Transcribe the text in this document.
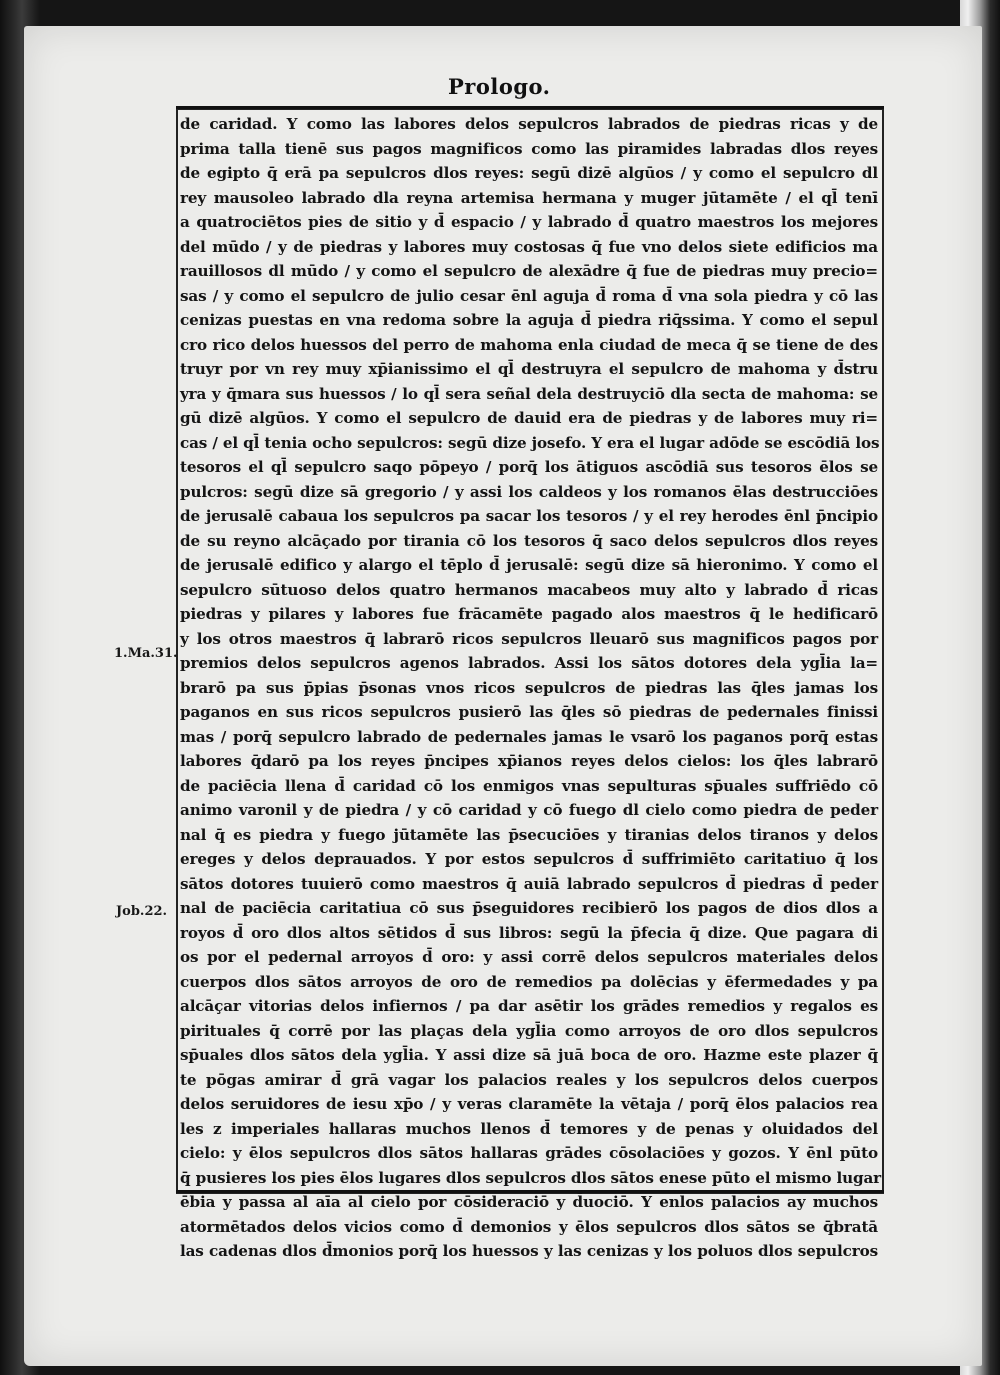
Prologo.
de caridad. Y como las labores delos sepulcros labrados de piedras ricas y de
prima talla tienē sus pagos magnificos como las piramides labradas dlos reyes
de egipto q̄ erā pa sepulcros dlos reyes: segū dizē algūos / y como el sepulcro dl
rey mausoleo labrado dla reyna artemisa hermana y muger jūtamēte / el ql̄ tenī
a quatrociētos pies de sitio y d̄ espacio / y labrado d̄ quatro maestros los mejores
del mūdo / y de piedras y labores muy costosas q̄ fue vno delos siete edificios ma
rauillosos dl mūdo / y como el sepulcro de alexādre q̄ fue de piedras muy precio=
sas / y como el sepulcro de julio cesar ēnl aguja d̄ roma d̄ vna sola piedra y cō las
cenizas puestas en vna redoma sobre la aguja d̄ piedra riq̄ssima. Y como el sepul
cro rico delos huessos del perro de mahoma enla ciudad de meca q̄ se tiene de des
truyr por vn rey muy xp̄ianissimo el ql̄ destruyra el sepulcro de mahoma y d̄stru
yra y q̄mara sus huessos / lo ql̄ sera señal dela destruyciō dla secta de mahoma: se
gū dizē algūos. Y como el sepulcro de dauid era de piedras y de labores muy ri=
cas / el ql̄ tenia ocho sepulcros: segū dize josefo. Y era el lugar adōde se escōdiā los
tesoros el ql̄ sepulcro saqo pōpeyo / porq̄ los ātiguos ascōdiā sus tesoros ēlos se
pulcros: segū dize sā gregorio / y assi los caldeos y los romanos ēlas destrucciōes
de jerusalē cabaua los sepulcros pa sacar los tesoros / y el rey herodes ēnl p̄ncipio
de su reyno alcāçado por tirania cō los tesoros q̄ saco delos sepulcros dlos reyes
de jerusalē edifico y alargo el tēplo d̄ jerusalē: segū dize sā hieronimo. Y como el
sepulcro sūtuoso delos quatro hermanos macabeos muy alto y labrado d̄ ricas
piedras y pilares y labores fue frācamēte pagado alos maestros q̄ le hedificarō
y los otros maestros q̄ labrarō ricos sepulcros lleuarō sus magnificos pagos por
premios delos sepulcros agenos labrados. Assi los sātos dotores dela ygl̄ia la=
brarō pa sus p̄pias p̄sonas vnos ricos sepulcros de piedras las q̄les jamas los
paganos en sus ricos sepulcros pusierō las q̄les sō piedras de pedernales finissi
mas / porq̄ sepulcro labrado de pedernales jamas le vsarō los paganos porq̄ estas
labores q̄darō pa los reyes p̄ncipes xp̄ianos reyes delos cielos: los q̄les labrarō
de paciēcia llena d̄ caridad cō los enmigos vnas sepulturas sp̄uales suffriēdo cō
animo varonil y de piedra / y cō caridad y cō fuego dl cielo como piedra de peder
nal q̄ es piedra y fuego jūtamēte las p̄secuciōes y tiranias delos tiranos y delos
ereges y delos deprauados. Y por estos sepulcros d̄ suffrimiēto caritatiuo q̄ los
sātos dotores tuuierō como maestros q̄ auiā labrado sepulcros d̄ piedras d̄ peder
nal de paciēcia caritatiua cō sus p̄seguidores recibierō los pagos de dios dlos a
royos d̄ oro dlos altos sētidos d̄ sus libros: segū la p̄fecia q̄ dize. Que pagara di
os por el pedernal arroyos d̄ oro: y assi corrē delos sepulcros materiales delos
cuerpos dlos sātos arroyos de oro de remedios pa dolēcias y ēfermedades y pa
alcāçar vitorias delos infiernos / pa dar asētir los grādes remedios y regalos es
pirituales q̄ corrē por las plaças dela ygl̄ia como arroyos de oro dlos sepulcros
sp̄uales dlos sātos dela ygl̄ia. Y assi dize sā juā boca de oro. Hazme este plazer q̄
te pōgas amirar d̄ grā vagar los palacios reales y los sepulcros delos cuerpos
delos seruidores de iesu xp̄o / y veras claramēte la vētaja / porq̄ ēlos palacios rea
les z imperiales hallaras muchos llenos d̄ temores y de penas y oluidados del
cielo: y ēlos sepulcros dlos sātos hallaras grādes cōsolaciōes y gozos. Y ēnl pūto
q̄ pusieres los pies ēlos lugares dlos sepulcros dlos sātos enese pūto el mismo lugar
ēbia y passa al aīa al cielo por cōsideraciō y d̄uociō. Y enlos palacios ay muchos
atormētados delos vicios como d̄ demonios y ēlos sepulcros dlos sātos se q̄bratā
las cadenas dlos d̄monios porq̄ los huessos y las cenizas y los poluos dlos sepulcros
1.Ma.31.
Job.22.
